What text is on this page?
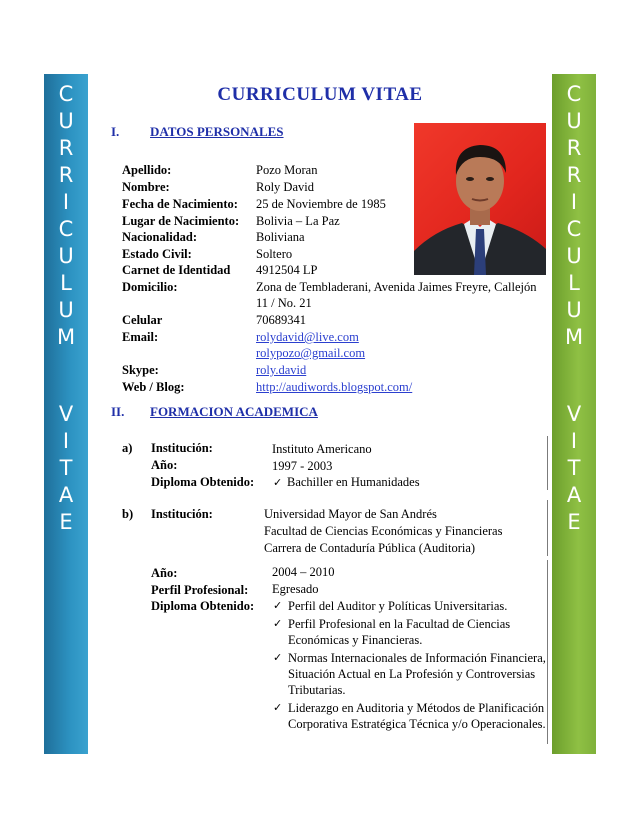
C
U
R
R
I
C
U
L
U
M
V
I
T
A
E
C
U
R
R
I
C
U
L
U
M
V
I
T
A
E
CURRICULUM VITAE
I. DATOS PERSONALES
Apellido:	Pozo Moran
Nombre:	Roly David
Fecha de Nacimiento: 25 de Noviembre de 1985
Lugar de Nacimiento: Bolivia – La Paz
Nacionalidad:	Boliviana
Estado Civil:	Soltero
Carnet de Identidad 4912504 LP
Domicilio:	Zona de Tembladerani, Avenida Jaimes Freyre, Callejón
11 / No. 21
Celular	70689341
Email:	rolydavid@live.com
rolypozo@gmail.com
Skype:	roly.david
Web / Blog:	http://audiwords.blogspot.com/
II. FORMACION ACADEMICA
a) Institución:	Instituto Americano
Año:	1997 - 2003
Diploma Obtenido: ✓ Bachiller en Humanidades
b) Institución:	Universidad Mayor de San Andrés
Facultad de Ciencias Económicas y Financieras
Carrera de Contaduría Pública (Auditoria)
Año:	2004 – 2010
Perfil Profesional: Egresado
Diploma Obtenido: ✓ Perfil del Auditor y Políticas Universitarias.
✓ Perfil Profesional en la Facultad de Ciencias Económicas y Financieras.
✓ Normas Internacionales de Información Financiera, Situación Actual en La Profesión y Controversias Tributarias.
✓ Liderazgo en Auditoria y Métodos de Planificación Corporativa Estratégica Técnica y/o Operacionales.
